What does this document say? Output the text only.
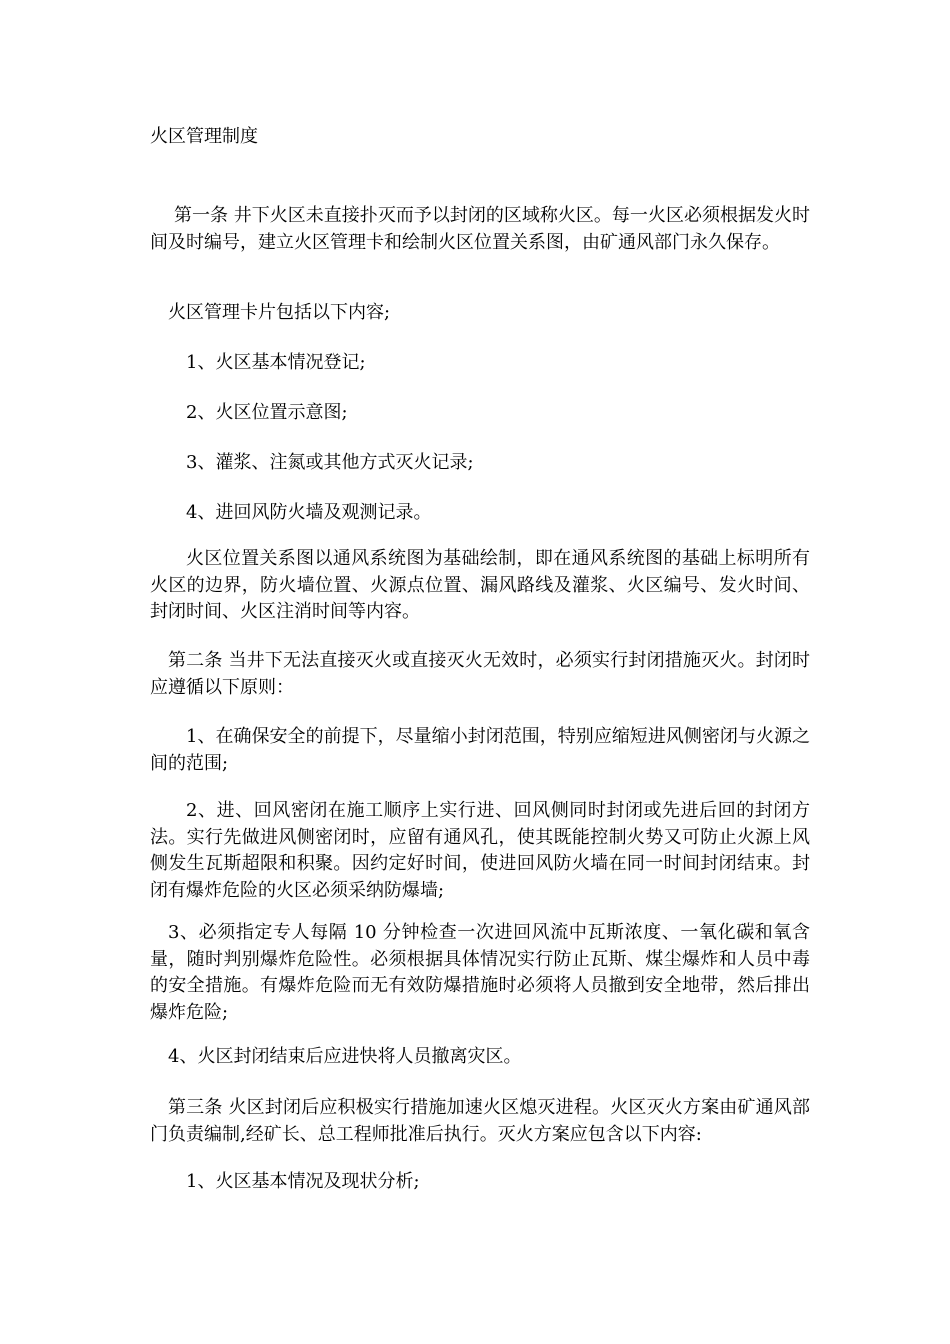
火区管理制度

第一条 井下火区未直接扑灭而予以封闭的区域称火区。每一火区必须根据发火时间及时编号，建立火区管理卡和绘制火区位置关系图，由矿通风部门永久保存。

火区管理卡片包括以下内容;

1、火区基本情况登记;

2、火区位置示意图;

3、灌浆、注氮或其他方式灭火记录;

4、进回风防火墙及观测记录。

火区位置关系图以通风系统图为基础绘制，即在通风系统图的基础上标明所有火区的边界，防火墙位置、火源点位置、漏风路线及灌浆、火区编号、发火时间、封闭时间、火区注消时间等内容。

第二条 当井下无法直接灭火或直接灭火无效时，必须实行封闭措施灭火。封闭时应遵循以下原则：

1、在确保安全的前提下，尽量缩小封闭范围，特别应缩短进风侧密闭与火源之间的范围;

2、进、回风密闭在施工顺序上实行进、回风侧同时封闭或先进后回的封闭方法。实行先做进风侧密闭时，应留有通风孔，使其既能控制火势又可防止火源上风侧发生瓦斯超限和积聚。因约定好时间，使进回风防火墙在同一时间封闭结束。封闭有爆炸危险的火区必须采纳防爆墙;

3、必须指定专人每隔 10 分钟检查一次进回风流中瓦斯浓度、一氧化碳和氧含量，随时判别爆炸危险性。必须根据具体情况实行防止瓦斯、煤尘爆炸和人员中毒的安全措施。有爆炸危险而无有效防爆措施时必须将人员撤到安全地带，然后排出爆炸危险;

4、火区封闭结束后应进快将人员撤离灾区。

第三条 火区封闭后应积极实行措施加速火区熄灭进程。火区灭火方案由矿通风部门负责编制,经矿长、总工程师批准后执行。灭火方案应包含以下内容:

1、火区基本情况及现状分析;
